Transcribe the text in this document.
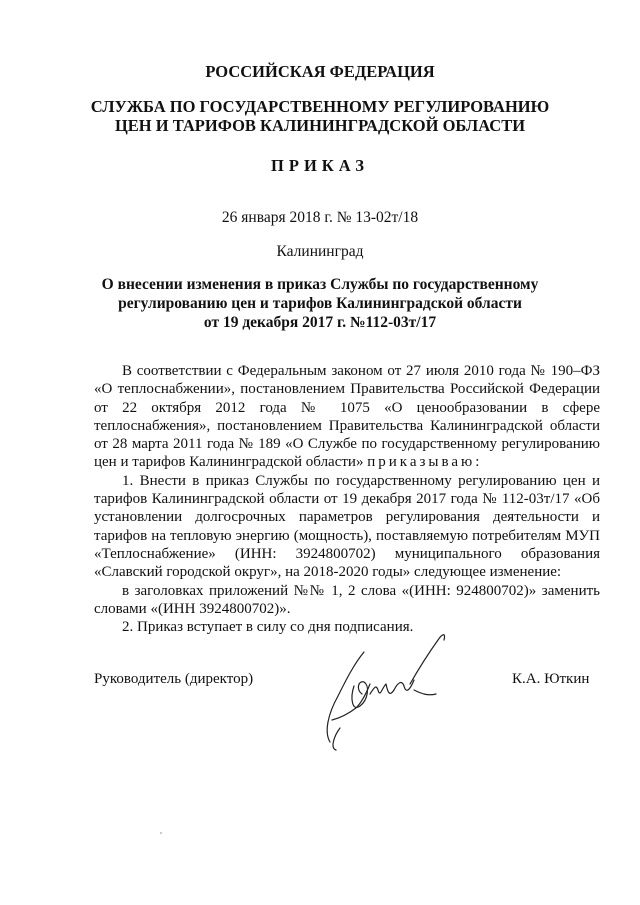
РОССИЙСКАЯ ФЕДЕРАЦИЯ
СЛУЖБА ПО ГОСУДАРСТВЕННОМУ РЕГУЛИРОВАНИЮ
ЦЕН И ТАРИФОВ КАЛИНИНГРАДСКОЙ ОБЛАСТИ
ПРИКАЗ
26 января 2018 г. № 13-02т/18
Калининград
О внесении изменения в приказ Службы по государственному
регулированию цен и тарифов Калининградской области
от 19 декабря 2017 г. №112-03т/17

В соответствии с Федеральным законом от 27 июля 2010 года № 190–ФЗ «О теплоснабжении», постановлением Правительства Российской Федерации от 22 октября 2012 года № 1075 «О ценообразовании в сфере теплоснабжения», постановлением Правительства Калининградской области от 28 марта 2011 года № 189 «О Службе по государственному регулированию цен и тарифов Калининградской области» приказываю:

1. Внести в приказ Службы по государственному регулированию цен и тарифов Калининградской области от 19 декабря 2017 года № 112-03т/17 «Об установлении долгосрочных параметров регулирования деятельности и тарифов на тепловую энергию (мощность), поставляемую потребителям МУП «Теплоснабжение» (ИНН: 3924800702) муниципального образования «Славский городской округ», на 2018-2020 годы» следующее изменение:

в заголовках приложений №№ 1, 2 слова «(ИНН: 924800702)» заменить словами «(ИНН 3924800702)».

2. Приказ вступает в силу со дня подписания.

Руководитель (директор)	К.А. Юткин
